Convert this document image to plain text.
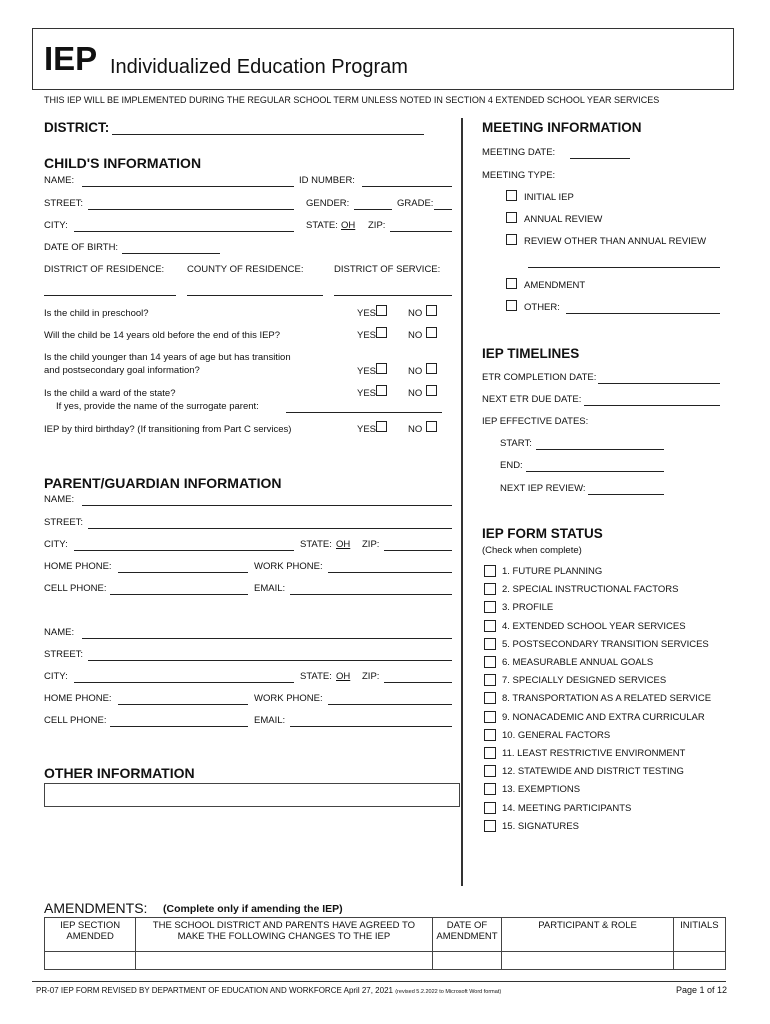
IEP Individualized Education Program
THIS IEP WILL BE IMPLEMENTED DURING THE REGULAR SCHOOL TERM UNLESS NOTED IN SECTION 4 EXTENDED SCHOOL YEAR SERVICES
DISTRICT:
CHILD'S INFORMATION
NAME:	ID NUMBER:
STREET:	GENDER:	GRADE:
CITY:	STATE: OH ZIP:
DATE OF BIRTH:
DISTRICT OF RESIDENCE: COUNTY OF RESIDENCE:	DISTRICT OF SERVICE:
Is the child in preschool?	YES	NO
Will the child be 14 years old before the end of this IEP?	YES	NO
Is the child younger than 14 years of age but has transition
and postsecondary goal information?	YES	NO
Is the child a ward of the state?
If yes, provide the name of the surrogate parent:
YES	NO
IEP by third birthday? (If transitioning from Part C services)	YES	NO
PARENT/GUARDIAN INFORMATION
NAME:
STREET:
CITY:	STATE: OH ZIP:
HOME PHONE:	WORK PHONE:
CELL PHONE:	EMAIL:
NAME:
STREET:
CITY:	STATE: OH ZIP:
HOME PHONE:	WORK PHONE:
CELL PHONE:	EMAIL:
OTHER INFORMATION
MEETING INFORMATION
MEETING DATE:
MEETING TYPE:
INITIAL IEP
ANNUAL REVIEW
REVIEW OTHER THAN ANNUAL REVIEW
AMENDMENT
OTHER:
IEP TIMELINES
ETR COMPLETION DATE:
NEXT ETR DUE DATE:
IEP EFFECTIVE DATES:
START:
END:
NEXT IEP REVIEW:
IEP FORM STATUS
(Check when complete)
1. FUTURE PLANNING
2. SPECIAL INSTRUCTIONAL FACTORS
3. PROFILE
4. EXTENDED SCHOOL YEAR SERVICES
5. POSTSECONDARY TRANSITION SERVICES
6. MEASURABLE ANNUAL GOALS
7. SPECIALLY DESIGNED SERVICES
8. TRANSPORTATION AS A RELATED SERVICE
9. NONACADEMIC AND EXTRA CURRICULAR
10. GENERAL FACTORS
11. LEAST RESTRICTIVE ENVIRONMENT
12. STATEWIDE AND DISTRICT TESTING
13. EXEMPTIONS
14. MEETING PARTICIPANTS
15. SIGNATURES
AMENDMENTS: (Complete only if amending the IEP)
IEP SECTION AMENDED	THE SCHOOL DISTRICT AND PARENTS HAVE AGREED TO MAKE THE FOLLOWING CHANGES TO THE IEP	DATE OF AMENDMENT	PARTICIPANT & ROLE	INITIALS

PR-07 IEP FORM REVISED BY DEPARTMENT OF EDUCATION AND WORKFORCE April 27, 2021 (revised 5.2.2022 to Microsoft Word format)	Page 1 of 12
